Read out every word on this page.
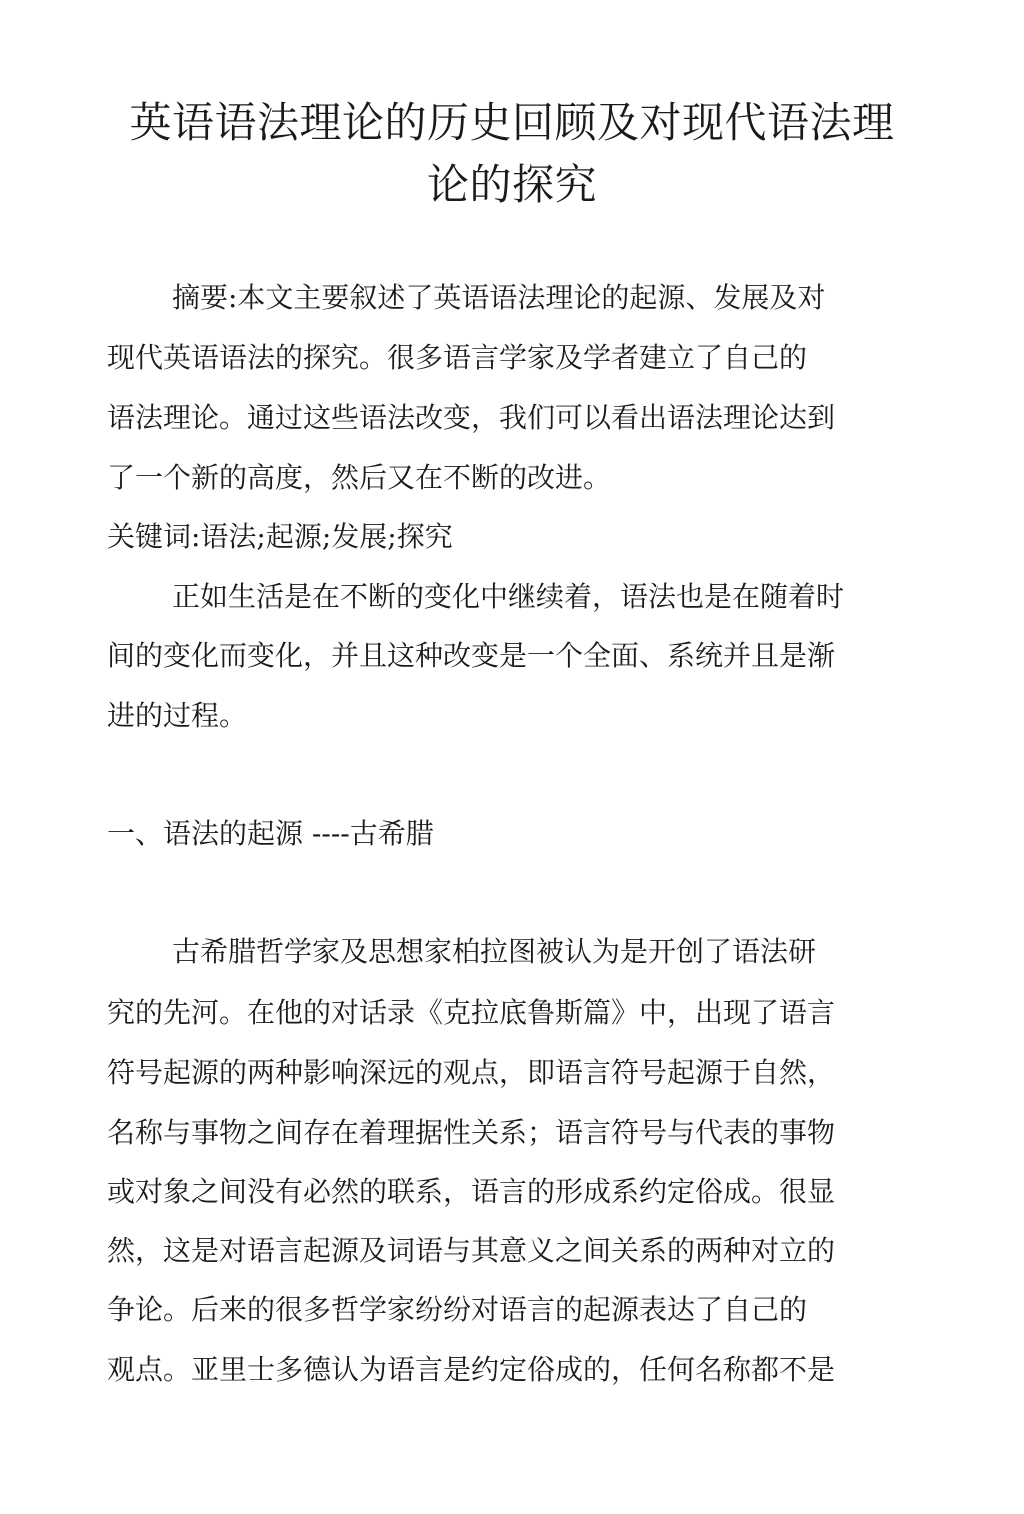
英语语法理论的历史回顾及对现代语法理
论的探究

摘要:本文主要叙述了英语语法理论的起源、发展及对

现代英语语法的探究。很多语言学家及学者建立了自己的

语法理论。通过这些语法改变，我们可以看出语法理论达到

了一个新的高度，然后又在不断的改进。

关键词:语法;起源;发展;探究

正如生活是在不断的变化中继续着，语法也是在随着时

间的变化而变化，并且这种改变是一个全面、系统并且是渐

进的过程。

一、语法的起源 ----古希腊

古希腊哲学家及思想家柏拉图被认为是开创了语法研

究的先河。在他的对话录《克拉底鲁斯篇》中，出现了语言

符号起源的两种影响深远的观点，即语言符号起源于自然，

名称与事物之间存在着理据性关系；语言符号与代表的事物

或对象之间没有必然的联系，语言的形成系约定俗成。很显

然，这是对语言起源及词语与其意义之间关系的两种对立的

争论。后来的很多哲学家纷纷对语言的起源表达了自己的

观点。亚里士多德认为语言是约定俗成的，任何名称都不是
